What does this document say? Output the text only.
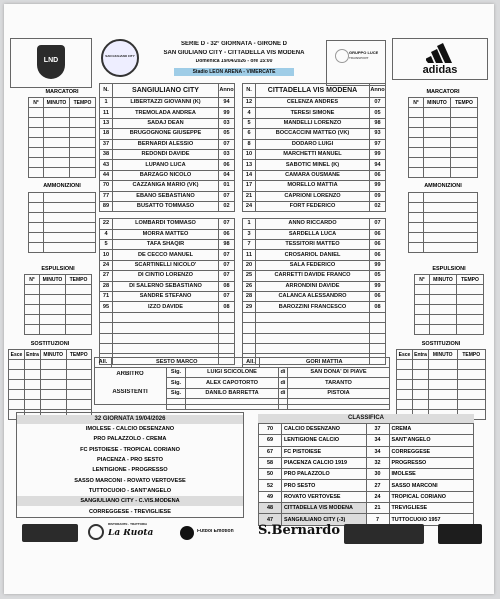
LND
SAN GIULIANO CITY
SERIE D - 32° GIORNATA - GIRONE D
SAN GIULIANO CITY - CITTADELLA VIS MODENA
Domenica 19/04/2026 - ore 15:00
Stadio LEON ARENA - VIMERCATE
GRUPPO LUCE
TRAINSPORT
adidas
MARCATORI
N°	MINUTO	TEMPO

AMMONIZIONI

ESPULSIONI
N°	MINUTO	TEMPO

SOSTITUZIONI
Esce	Entra	MINUTO	TEMPO

MARCATORI
N°	MINUTO	TEMPO

AMMONIZIONI

ESPULSIONI
N°	MINUTO	TEMPO

SOSTITUZIONI
Esce	Entra	MINUTO	TEMPO

N.	SANGIULIANO CITY	Anno
1	LIBERTAZZI GIOVANNI (K)	94
11	TREMOLADA ANDREA	99
13	SADAJ DEAN	03
18	BRUGOGNONE GIUSEPPE	05
37	BERNARDI ALESSIO	07
38	REDONDI DAVIDE	03
43	LUPANO LUCA	06
44	BARZAGO NICOLO	04
70	CAZZANIGA MARIO (VK)	01
77	EBANO SEBASTIANO	07
89	BUSATTO TOMMASO	02

22	LOMBARDI TOMMASO	07
4	MORRA MATTEO	06
5	TAFA SHAQIR	98
10	DE CECCO MANUEL	07
24	SCARTINELLI NICOLO'	07
27	DI CINTIO LORENZO	07
28	DI SALERNO SEBASTIANO	08
71	SANDRE STEFANO	07
95	IZZO DAVIDE	08

N.	CITTADELLA VIS MODENA	Anno
12	CELENZA ANDRES	07
4	TERESI SIMONE	05
5	MANDELLI LORENZO	98
6	BOCCACCINI MATTEO (VK)	93
8	DODARO LUIGI	97
10	MARCHETTI MANUEL	99
13	SABOTIC MINEL (K)	94
14	CAMARA OUSMANE	06
17	MORELLO MATTIA	99
21	CAPRIONI LORENZO	09
24	FORT FEDERICO	02

1	ANNO RICCARDO	07
3	SARDELLA LUCA	06
7	TESSITORI MATTEO	06
11	CROSARIOL DANIEL	06
20	SALA FEDERICO	99
25	CARRETTI DAVIDE FRANCO	05
26	ARRONDINI DAVIDE	99
28	CALANCA ALESSANDRO	06
29	BAROZZINI FRANCESCO	08

All.	SESTO MARCO	All.	GORI MATTIA
ARBITRO
ASSISTENTI
Sig.	LUIGI SCICOLONE	di	SAN DONA' DI PIAVE
Sig.	ALEX CAPOTORTO	di	TARANTO
Sig.	DANILO BARRETTA	di	PISTOIA

32 GIORNATA 19/04/2026
IMOLESE - CALCIO DESENZANO
PRO PALAZZOLO - CREMA
FC PISTOIESE - TROPICAL CORIANO
PIACENZA - PRO SESTO
LENTIGIONE - PROGRESSO
SASSO MARCONI - ROVATO VERTOVESE
TUTTOCUOIO - SANT'ANGELO
SANGIULIANO CITY - C.VIS.MODENA
CORREGGESE - TREVIGLIESE
CLASSIFICA
70	CALCIO DESENZANO	37	CREMA
69	LENTIGIONE CALCIO	34	SANT'ANGELO
67	FC PISTOIESE	34	CORREGGESE
58	PIACENZA CALCIO 1919	32	PROGRESSO
50	PRO PALAZZOLO	30	IMOLESE
52	PRO SESTO	27	SASSO MARCONI
49	ROVATO VERTOVESE	24	TROPICAL CORIANO
48	CITTADELLA VIS MODENA	21	TREVIGLIESE
47	SANGIULIANO CITY (-3)	7	TUTTOCUOIO 1957
RISTORANTE · TRATTORIA
La Ruota	Fútbol Emotion	S.Bernardo
